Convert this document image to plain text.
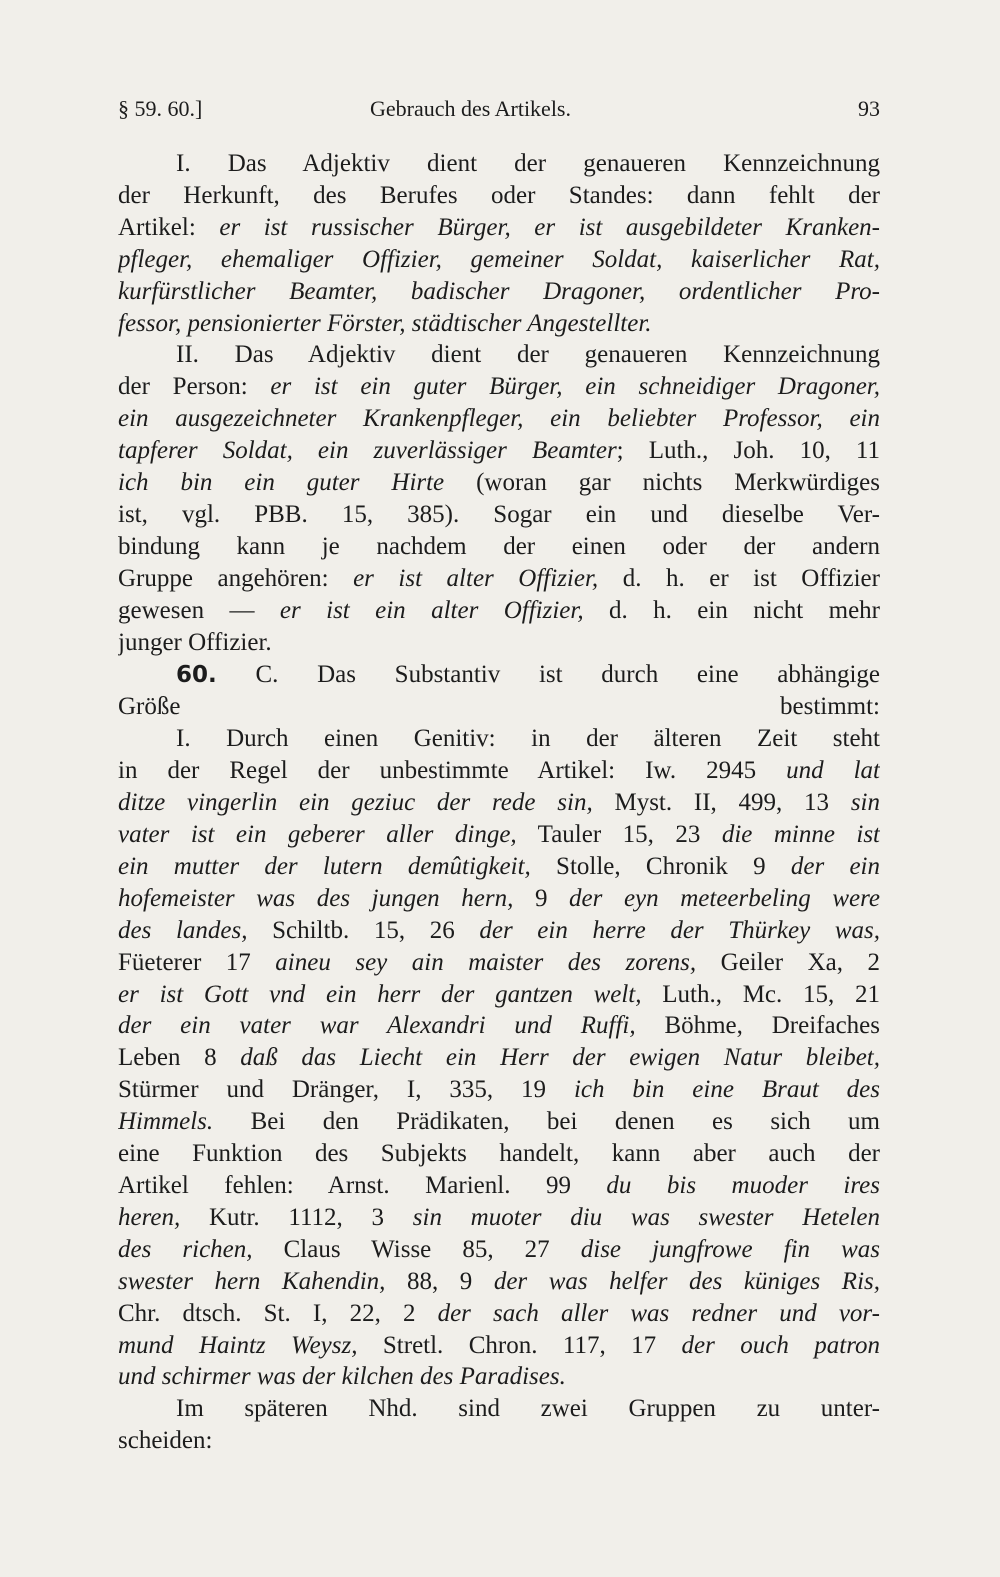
§ 59. 60.]	Gebrauch des Artikels.	93
I. Das Adjektiv dient der genaueren Kennzeichnung
der Herkunft, des Berufes oder Standes: dann fehlt der
Artikel: er ist russischer Bürger, er ist ausgebildeter Kranken-
pfleger, ehemaliger Offizier, gemeiner Soldat, kaiserlicher Rat,
kurfürstlicher Beamter, badischer Dragoner, ordentlicher Pro-
fessor, pensionierter Förster, städtischer Angestellter.
II. Das Adjektiv dient der genaueren Kennzeichnung
der Person: er ist ein guter Bürger, ein schneidiger Dragoner,
ein ausgezeichneter Krankenpfleger, ein beliebter Professor, ein
tapferer Soldat, ein zuverlässiger Beamter; Luth., Joh. 10, 11
ich bin ein guter Hirte (woran gar nichts Merkwürdiges
ist, vgl. PBB. 15, 385). Sogar ein und dieselbe Ver-
bindung kann je nachdem der einen oder der andern
Gruppe angehören: er ist alter Offizier, d. h. er ist Offizier
gewesen — er ist ein alter Offizier, d. h. ein nicht mehr
junger Offizier.
60. C. Das Substantiv ist durch eine abhängige
Größe bestimmt:
I. Durch einen Genitiv: in der älteren Zeit steht
in der Regel der unbestimmte Artikel: Iw. 2945 und lat
ditze vingerlin ein geziuc der rede sin, Myst. II, 499, 13 sin
vater ist ein geberer aller dinge, Tauler 15, 23 die minne ist
ein mutter der lutern demûtigkeit, Stolle, Chronik 9 der ein
hofemeister was des jungen hern, 9 der eyn meteerbeling were
des landes, Schiltb. 15, 26 der ein herre der Thürkey was,
Füeterer 17 aineu sey ain maister des zorens, Geiler Xa, 2
er ist Gott vnd ein herr der gantzen welt, Luth., Mc. 15, 21
der ein vater war Alexandri und Ruffi, Böhme, Dreifaches
Leben 8 daß das Liecht ein Herr der ewigen Natur bleibet,
Stürmer und Dränger, I, 335, 19 ich bin eine Braut des
Himmels. Bei den Prädikaten, bei denen es sich um
eine Funktion des Subjekts handelt, kann aber auch der
Artikel fehlen: Arnst. Marienl. 99 du bis muoder ires
heren, Kutr. 1112, 3 sin muoter diu was swester Hetelen
des richen, Claus Wisse 85, 27 dise jungfrowe fin was
swester hern Kahendin, 88, 9 der was helfer des küniges Ris,
Chr. dtsch. St. I, 22, 2 der sach aller was redner und vor-
mund Haintz Weysz, Stretl. Chron. 117, 17 der ouch patron
und schirmer was der kilchen des Paradises.
Im späteren Nhd. sind zwei Gruppen zu unter-
scheiden:
